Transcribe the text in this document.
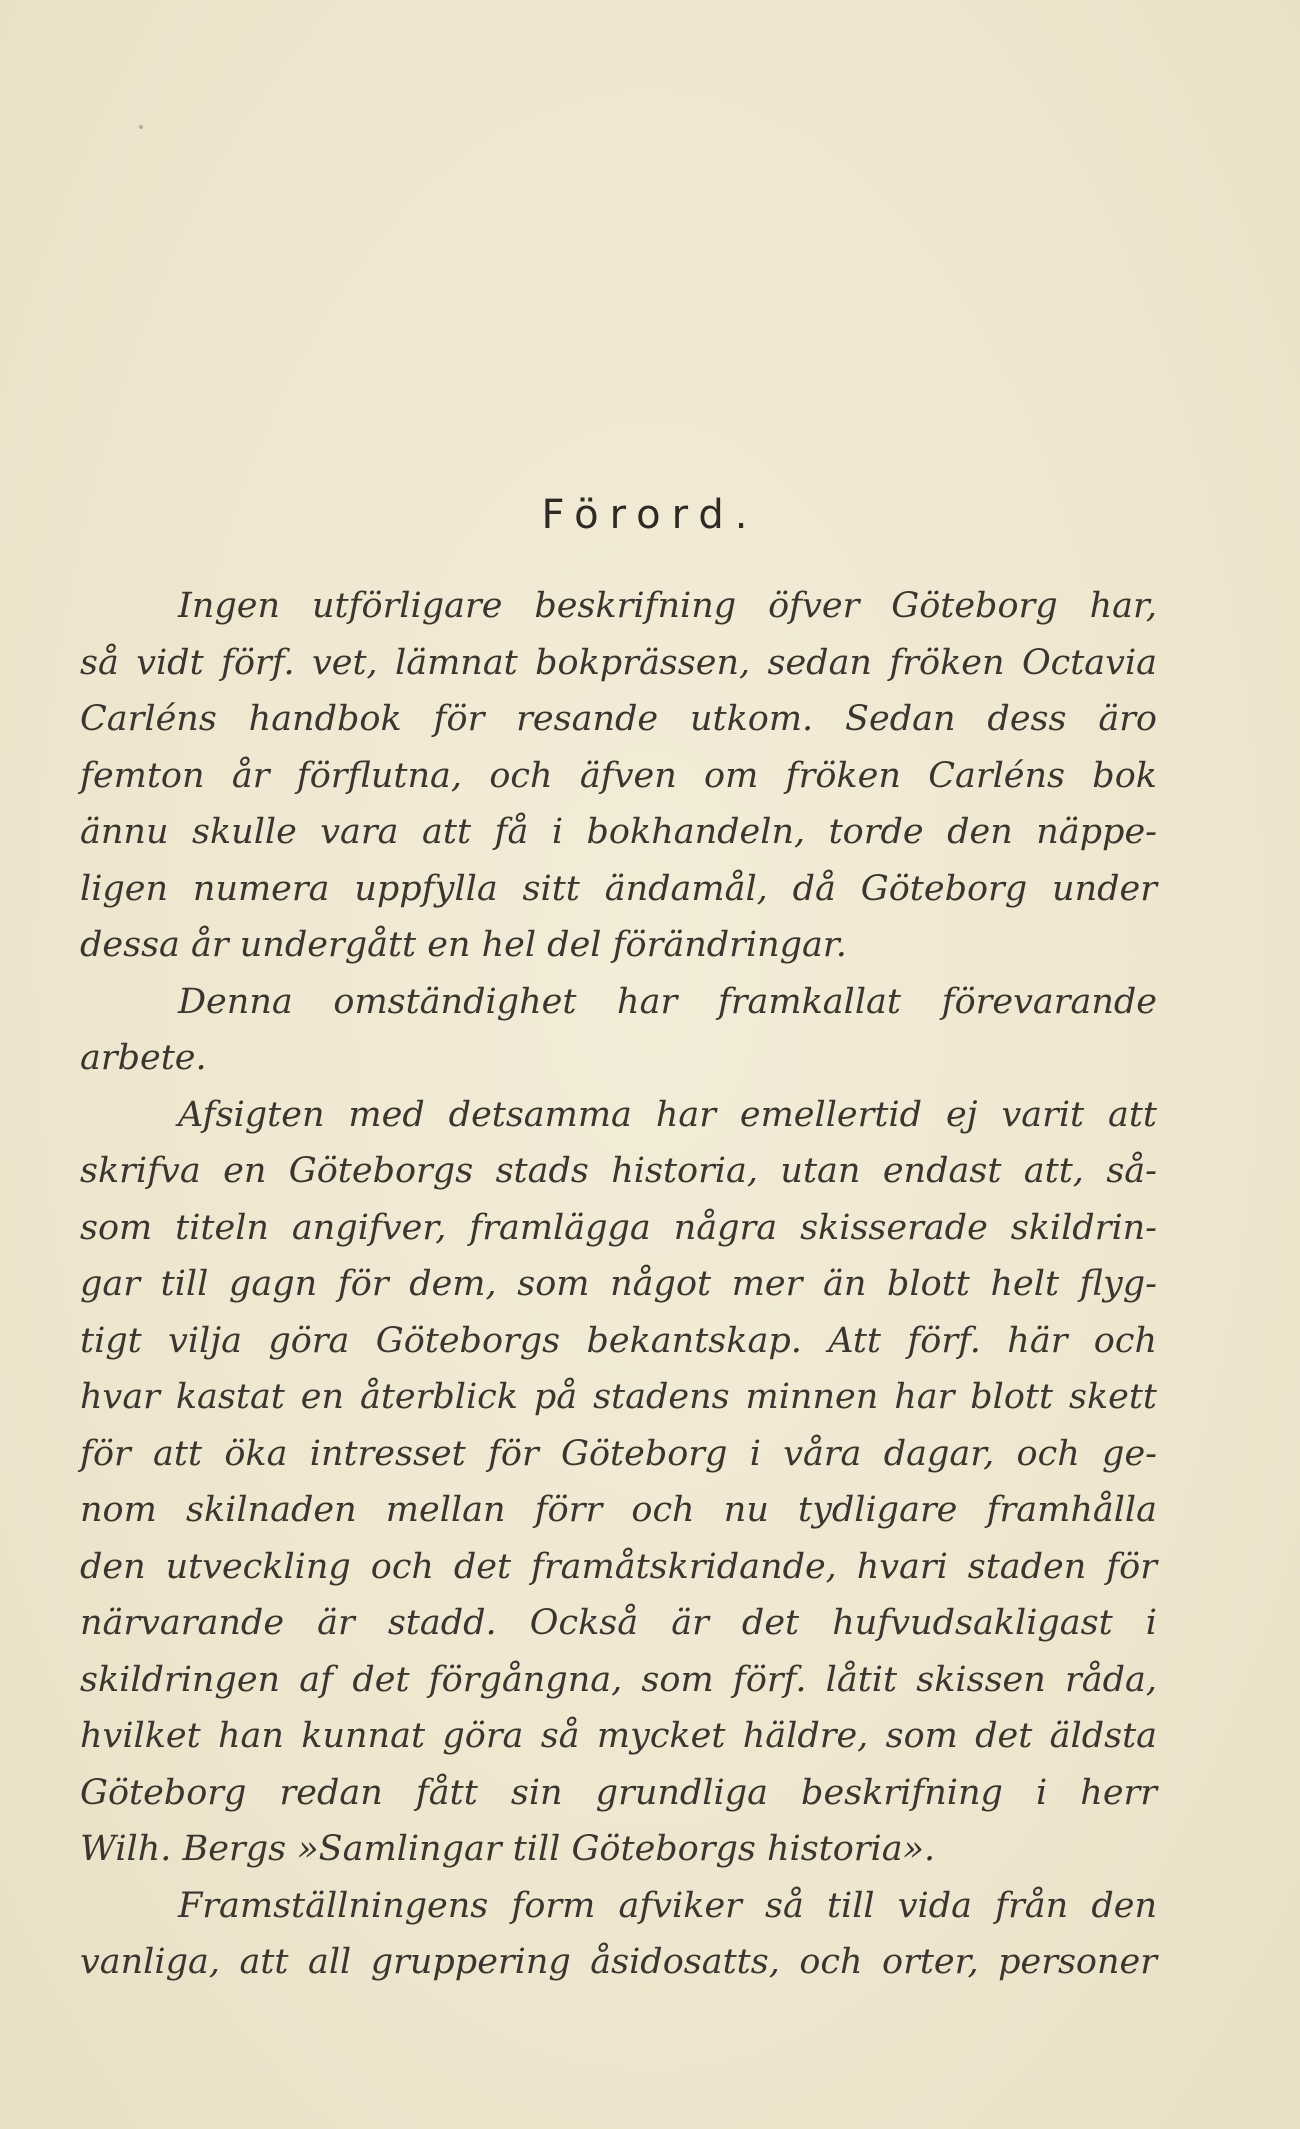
Förord.
Ingen utförligare beskrifning öfver Göteborg har,
så vidt förf. vet, lämnat bokprässen, sedan fröken Octavia
Carléns handbok för resande utkom. Sedan dess äro
femton år förflutna, och äfven om fröken Carléns bok
ännu skulle vara att få i bokhandeln, torde den näppe-
ligen numera uppfylla sitt ändamål, då Göteborg under
dessa år undergått en hel del förändringar.
Denna omständighet har framkallat förevarande
arbete.
Afsigten med detsamma har emellertid ej varit att
skrifva en Göteborgs stads historia, utan endast att, så-
som titeln angifver, framlägga några skisserade skildrin-
gar till gagn för dem, som något mer än blott helt flyg-
tigt vilja göra Göteborgs bekantskap. Att förf. här och
hvar kastat en återblick på stadens minnen har blott skett
för att öka intresset för Göteborg i våra dagar, och ge-
nom skilnaden mellan förr och nu tydligare framhålla
den utveckling och det framåtskridande, hvari staden för
närvarande är stadd. Också är det hufvudsakligast i
skildringen af det förgångna, som förf. låtit skissen råda,
hvilket han kunnat göra så mycket häldre, som det äldsta
Göteborg redan fått sin grundliga beskrifning i herr
Wilh. Bergs »Samlingar till Göteborgs historia».
Framställningens form afviker så till vida från den
vanliga, att all gruppering åsidosatts, och orter, personer
